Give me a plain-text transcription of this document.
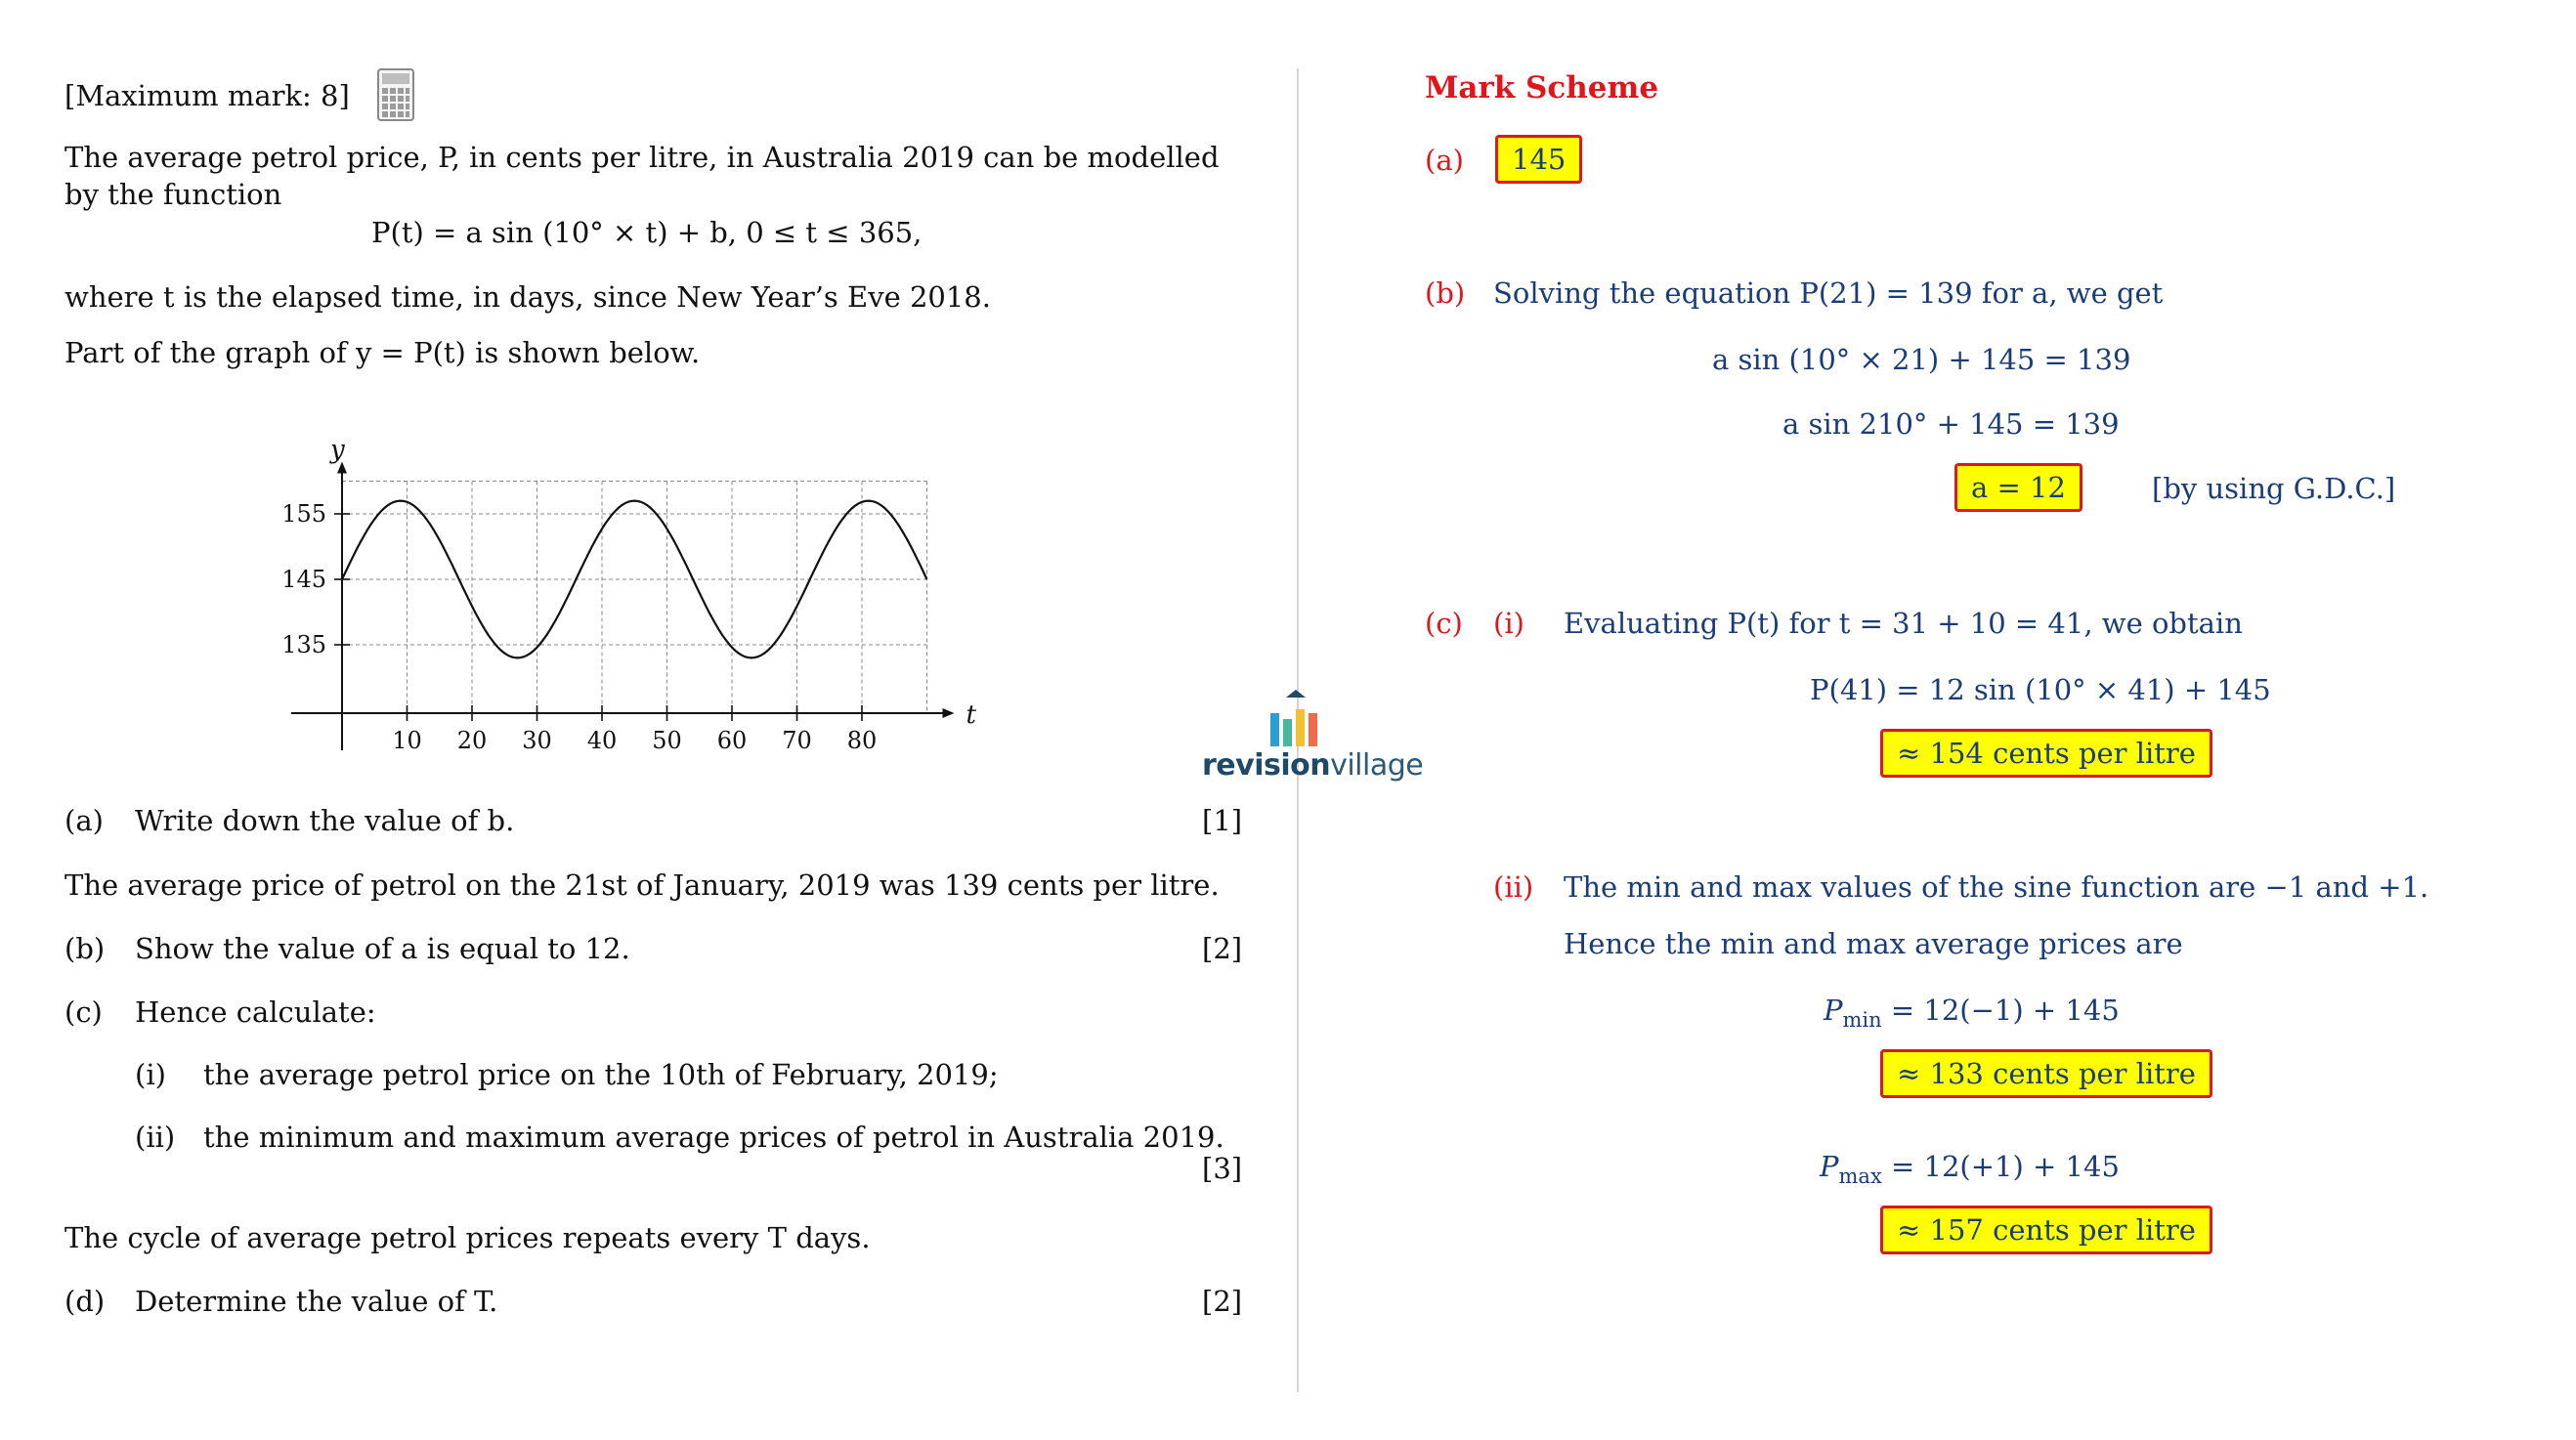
[Maximum mark: 8]
The average petrol price, P, in cents per litre, in Australia 2019 can be modelled
by the function
P(t) = a sin (10° × t) + b, 0 ≤ t ≤ 365,
where t is the elapsed time, in days, since New Year’s Eve 2018.
Part of the graph of y = P(t) is shown below.
t
y
10 20 30 40 50 60 70 80
135
145
155
(a) Write down the value of b.	[1]
The average price of petrol on the 21st of January, 2019 was 139 cents per litre.
(b) Show the value of a is equal to 12.	[2]
(c) Hence calculate:
(i) the average petrol price on the 10th of February, 2019;
(ii) the minimum and maximum average prices of petrol in Australia 2019.
[3]
The cycle of average petrol prices repeats every T days.
(d) Determine the value of T.	[2]
revisionvillage
Mark Scheme
(a)	145
(b) Solving the equation P(21) = 139 for a, we get
a sin (10° × 21) + 145 = 139
a sin 210° + 145 = 139
a = 12	[by using G.D.C.]
(c) (i) Evaluating P(t) for t = 31 + 10 = 41, we obtain
P(41) = 12 sin (10° × 41) + 145
≈ 154 cents per litre
(ii) The min and max values of the sine function are −1 and +1.
Hence the min and max average prices are
$P_{min} = 12(-1) + 145$
≈ 133 cents per litre
$P_{max} = 12(+1) + 145$
≈ 157 cents per litre
